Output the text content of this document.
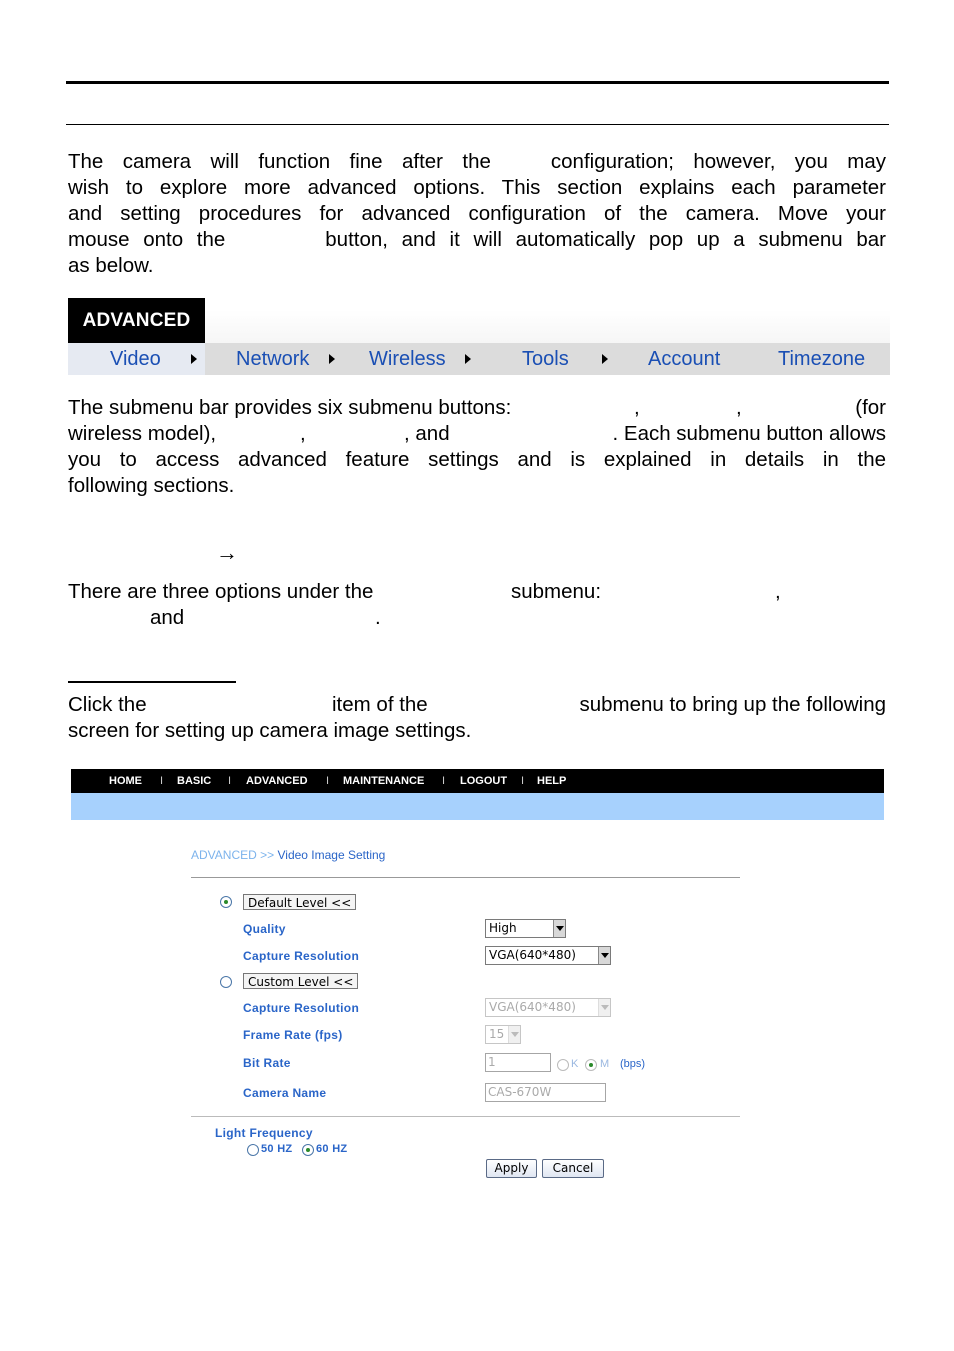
The camera will function fine after the	configuration; however, you may
wish to explore more advanced options. This section explains each parameter
and setting procedures for advanced configuration of the camera. Move your
mouse onto the	button, and it will automatically pop up a submenu bar
as below.
ADVANCED
Video	Network	Wireless	Tools	Account	Timezone
The submenu bar provides six submenu buttons:	,	,	(for
wireless model),	,	, and	. Each submenu button allows
you to access advanced feature settings and is explained in details in the
following sections.
→
There are three options under the	submenu:	,
and	.
Click the	item of the	submenu to bring up the following
screen for setting up camera image settings.
HOME I BASIC I ADVANCED I MAINTENANCE I LOGOUT I HELP
ADVANCED >> Video Image Setting
Default Level <<
Quality	High
Capture Resolution	VGA(640*480)
Custom Level <<
Capture Resolution	VGA(640*480)
Frame Rate (fps)	15
Bit Rate	1	K M (bps)
Camera Name	CAS-670W
Light Frequency
50 HZ 60 HZ
Apply	Cancel
